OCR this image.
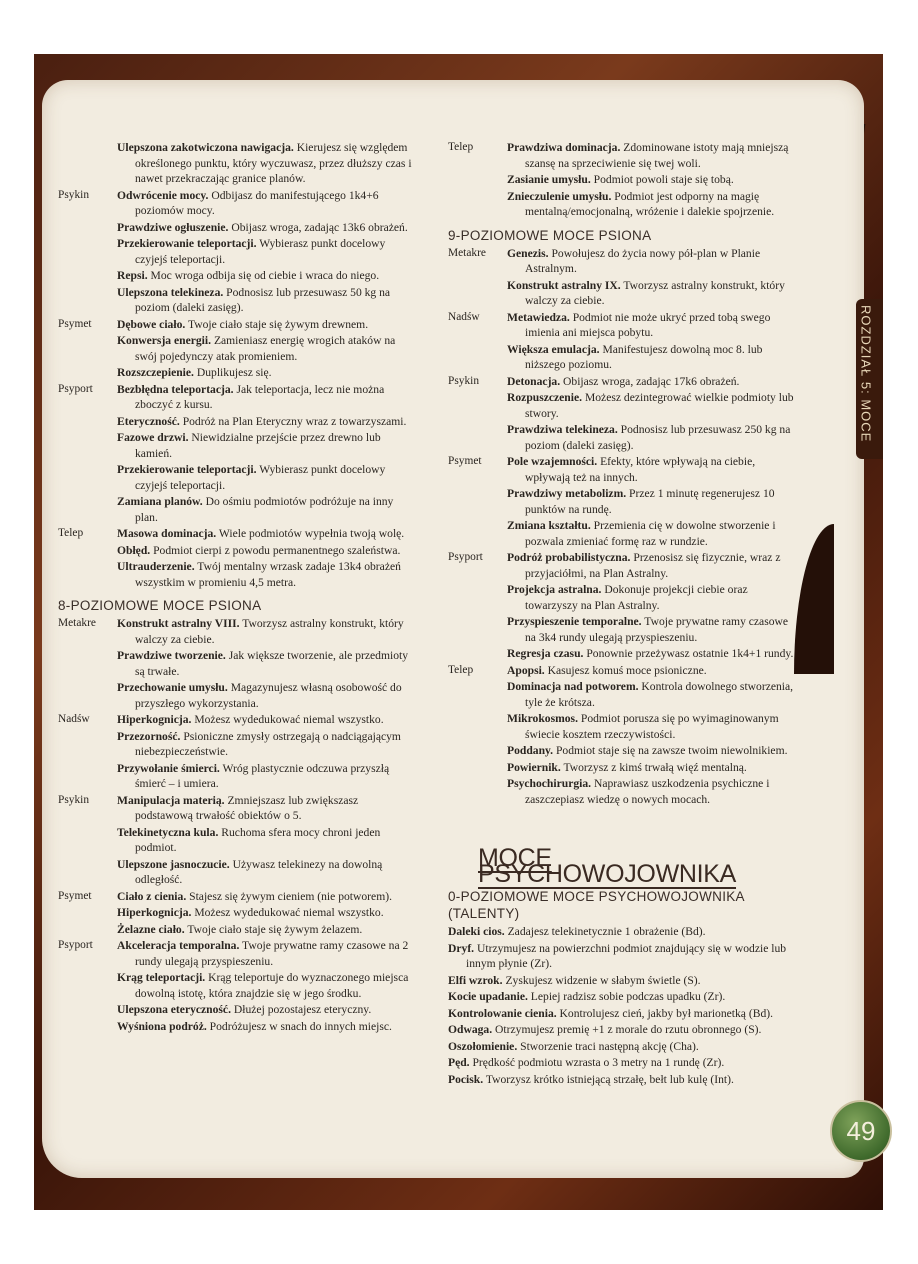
ROZDZIAŁ 5: MOCE
Ulepszona zakotwiczona nawigacja. Kierujesz się względem określonego punktu, który wyczuwasz, przez dłuższy czas i nawet przekraczając granice planów.
Psykin	Odwrócenie mocy. Odbijasz do manifestującego 1k4+6 poziomów mocy.
Prawdziwe ogłuszenie. Obijasz wroga, zadając 13k6 obrażeń.
Przekierowanie teleportacji. Wybierasz punkt docelowy czyjejś teleportacji.
Repsi. Moc wroga odbija się od ciebie i wraca do niego.
Ulepszona telekineza. Podnosisz lub przesuwasz 50 kg na poziom (daleki zasięg).
Psymet	Dębowe ciało. Twoje ciało staje się żywym drewnem.
Konwersja energii. Zamieniasz energię wrogich ataków na swój pojedynczy atak promieniem.
Rozszczepienie. Duplikujesz się.
Psyport	Bezbłędna teleportacja. Jak teleportacja, lecz nie można zboczyć z kursu.
Eteryczność. Podróż na Plan Eteryczny wraz z towarzyszami.
Fazowe drzwi. Niewidzialne przejście przez drewno lub kamień.
Przekierowanie teleportacji. Wybierasz punkt docelowy czyjejś teleportacji.
Zamiana planów. Do ośmiu podmiotów podróżuje na inny plan.
Telep	Masowa dominacja. Wiele podmiotów wypełnia twoją wolę.
Obłęd. Podmiot cierpi z powodu permanentnego szaleństwa.
Ultrauderzenie. Twój mentalny wrzask zadaje 13k4 obrażeń wszystkim w promieniu 4,5 metra.
8-POZIOMOWE MOCE PSIONA
Metakre	Konstrukt astralny VIII. Tworzysz astralny konstrukt, który walczy za ciebie.
Prawdziwe tworzenie. Jak większe tworzenie, ale przedmioty są trwałe.
Przechowanie umysłu. Magazynujesz własną osobowość do przyszłego wykorzystania.
Nadśw	Hiperkognicja. Możesz wydedukować niemal wszystko.
Przezorność. Psioniczne zmysły ostrzegają o nadciągającym niebezpieczeństwie.
Przywołanie śmierci. Wróg plastycznie odczuwa przyszłą śmierć – i umiera.
Psykin	Manipulacja materią. Zmniejszasz lub zwiększasz podstawową trwałość obiektów o 5.
Telekinetyczna kula. Ruchoma sfera mocy chroni jeden podmiot.
Ulepszone jasnoczucie. Używasz telekinezy na dowolną odległość.
Psymet	Ciało z cienia. Stajesz się żywym cieniem (nie potworem).
Hiperkognicja. Możesz wydedukować niemal wszystko.
Żelazne ciało. Twoje ciało staje się żywym żelazem.
Psyport	Akceleracja temporalna. Twoje prywatne ramy czasowe na 2 rundy ulegają przyspieszeniu.
Krąg teleportacji. Krąg teleportuje do wyznaczonego miejsca dowolną istotę, która znajdzie się w jego środku.
Ulepszona eteryczność. Dłużej pozostajesz eteryczny.
Wyśniona podróż. Podróżujesz w snach do innych miejsc.
Telep	Prawdziwa dominacja. Zdominowane istoty mają mniejszą szansę na sprzeciwienie się twej woli.
Zasianie umysłu. Podmiot powoli staje się tobą.
Znieczulenie umysłu. Podmiot jest odporny na magię mentalną/emocjonalną, wróżenie i dalekie spojrzenie.
9-POZIOMOWE MOCE PSIONA
Metakre	Genezis. Powołujesz do życia nowy pół-plan w Planie Astralnym.
Konstrukt astralny IX. Tworzysz astralny konstrukt, który walczy za ciebie.
Nadśw	Metawiedza. Podmiot nie może ukryć przed tobą swego imienia ani miejsca pobytu.
Większa emulacja. Manifestujesz dowolną moc 8. lub niższego poziomu.
Psykin	Detonacja. Obijasz wroga, zadając 17k6 obrażeń.
Rozpuszczenie. Możesz dezintegrować wielkie podmioty lub stwory.
Prawdziwa telekineza. Podnosisz lub przesuwasz 250 kg na poziom (daleki zasięg).
Psymet	Pole wzajemności. Efekty, które wpływają na ciebie, wpływają też na innych.
Prawdziwy metabolizm. Przez 1 minutę regenerujesz 10 punktów na rundę.
Zmiana kształtu. Przemienia cię w dowolne stworzenie i pozwala zmieniać formę raz w rundzie.
Psyport	Podróż probabilistyczna. Przenosisz się fizycznie, wraz z przyjaciółmi, na Plan Astralny.
Projekcja astralna. Dokonuje projekcji ciebie oraz towarzyszy na Plan Astralny.
Przyspieszenie temporalne. Twoje prywatne ramy czasowe na 3k4 rundy ulegają przyspieszeniu.
Regresja czasu. Ponownie przeżywasz ostatnie 1k4+1 rundy.
Telep	Apopsi. Kasujesz komuś moce psioniczne.
Dominacja nad potworem. Kontrola dowolnego stworzenia, tyle że krótsza.
Mikrokosmos. Podmiot porusza się po wyimaginowanym świecie kosztem rzeczywistości.
Poddany. Podmiot staje się na zawsze twoim niewolnikiem.
Powiernik. Tworzysz z kimś trwałą więź mentalną.
Psychochirurgia. Naprawiasz uszkodzenia psychiczne i zaszczepiasz wiedzę o nowych mocach.
MOCE PSYCHOWOJOWNIKA
0-POZIOMOWE MOCE PSYCHOWOJOWNIKA
(TALENTY)
Daleki cios. Zadajesz telekinetycznie 1 obrażenie (Bd).
Dryf. Utrzymujesz na powierzchni podmiot znajdujący się w wodzie lub innym płynie (Zr).
Elfi wzrok. Zyskujesz widzenie w słabym świetle (S).
Kocie upadanie. Lepiej radzisz sobie podczas upadku (Zr).
Kontrolowanie cienia. Kontrolujesz cień, jakby był marionetką (Bd).
Odwaga. Otrzymujesz premię +1 z morale do rzutu obronnego (S).
Oszołomienie. Stworzenie traci następną akcję (Cha).
Pęd. Prędkość podmiotu wzrasta o 3 metry na 1 rundę (Zr).
Pocisk. Tworzysz krótko istniejącą strzałę, bełt lub kulę (Int).
49
